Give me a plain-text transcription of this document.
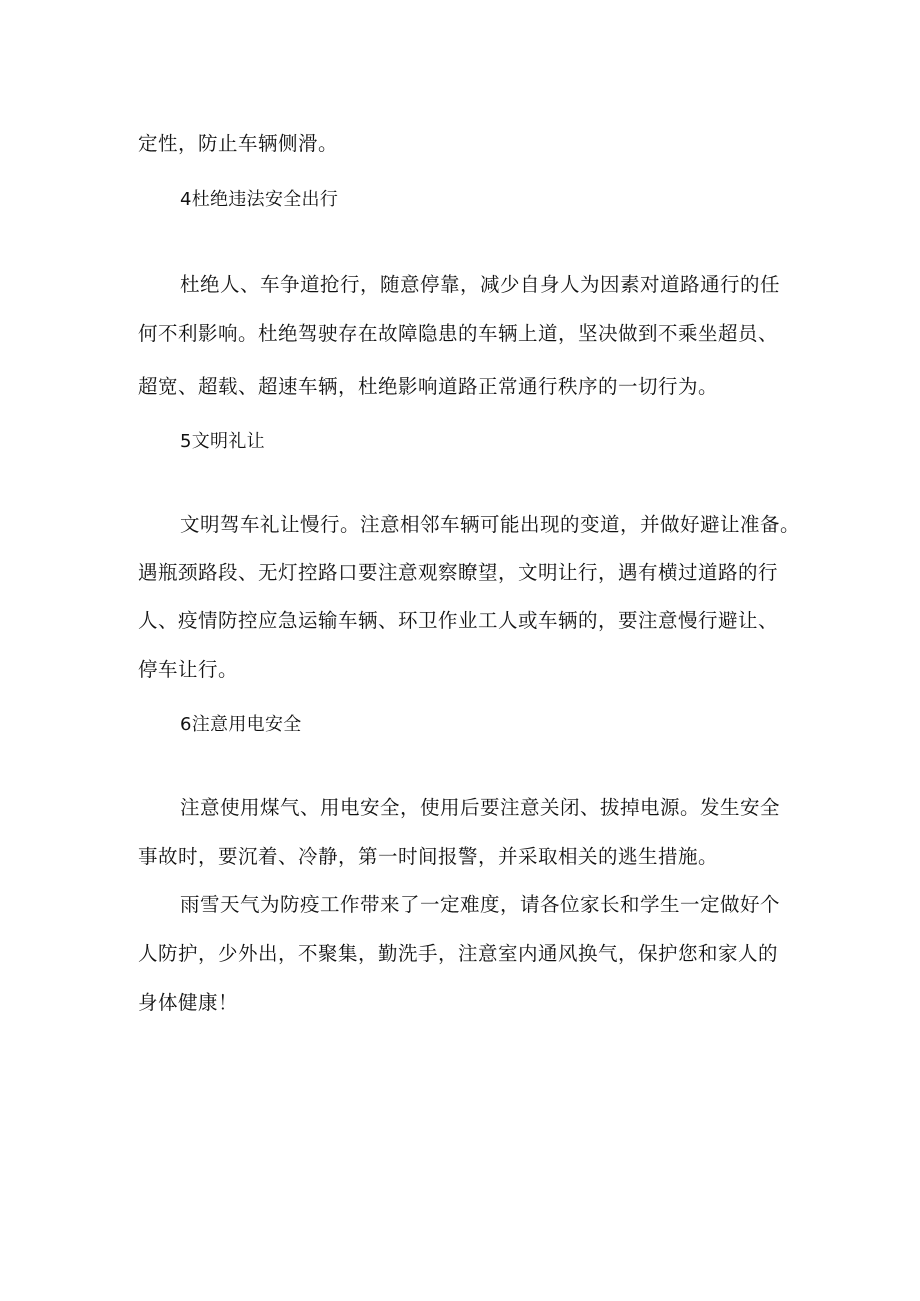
定性，防止车辆侧滑。
4杜绝违法安全出行
杜绝人、车争道抢行，随意停靠，减少自身人为因素对道路通行的任
何不利影响。杜绝驾驶存在故障隐患的车辆上道，坚决做到不乘坐超员、
超宽、超载、超速车辆，杜绝影响道路正常通行秩序的一切行为。
5文明礼让
文明驾车礼让慢行。注意相邻车辆可能出现的变道，并做好避让准备。
遇瓶颈路段、无灯控路口要注意观察瞭望，文明让行，遇有横过道路的行
人、疫情防控应急运输车辆、环卫作业工人或车辆的，要注意慢行避让、
停车让行。
6注意用电安全
注意使用煤气、用电安全，使用后要注意关闭、拔掉电源。发生安全
事故时，要沉着、冷静，第一时间报警，并采取相关的逃生措施。
雨雪天气为防疫工作带来了一定难度，请各位家长和学生一定做好个
人防护，少外出，不聚集，勤洗手，注意室内通风换气，保护您和家人的
身体健康！
